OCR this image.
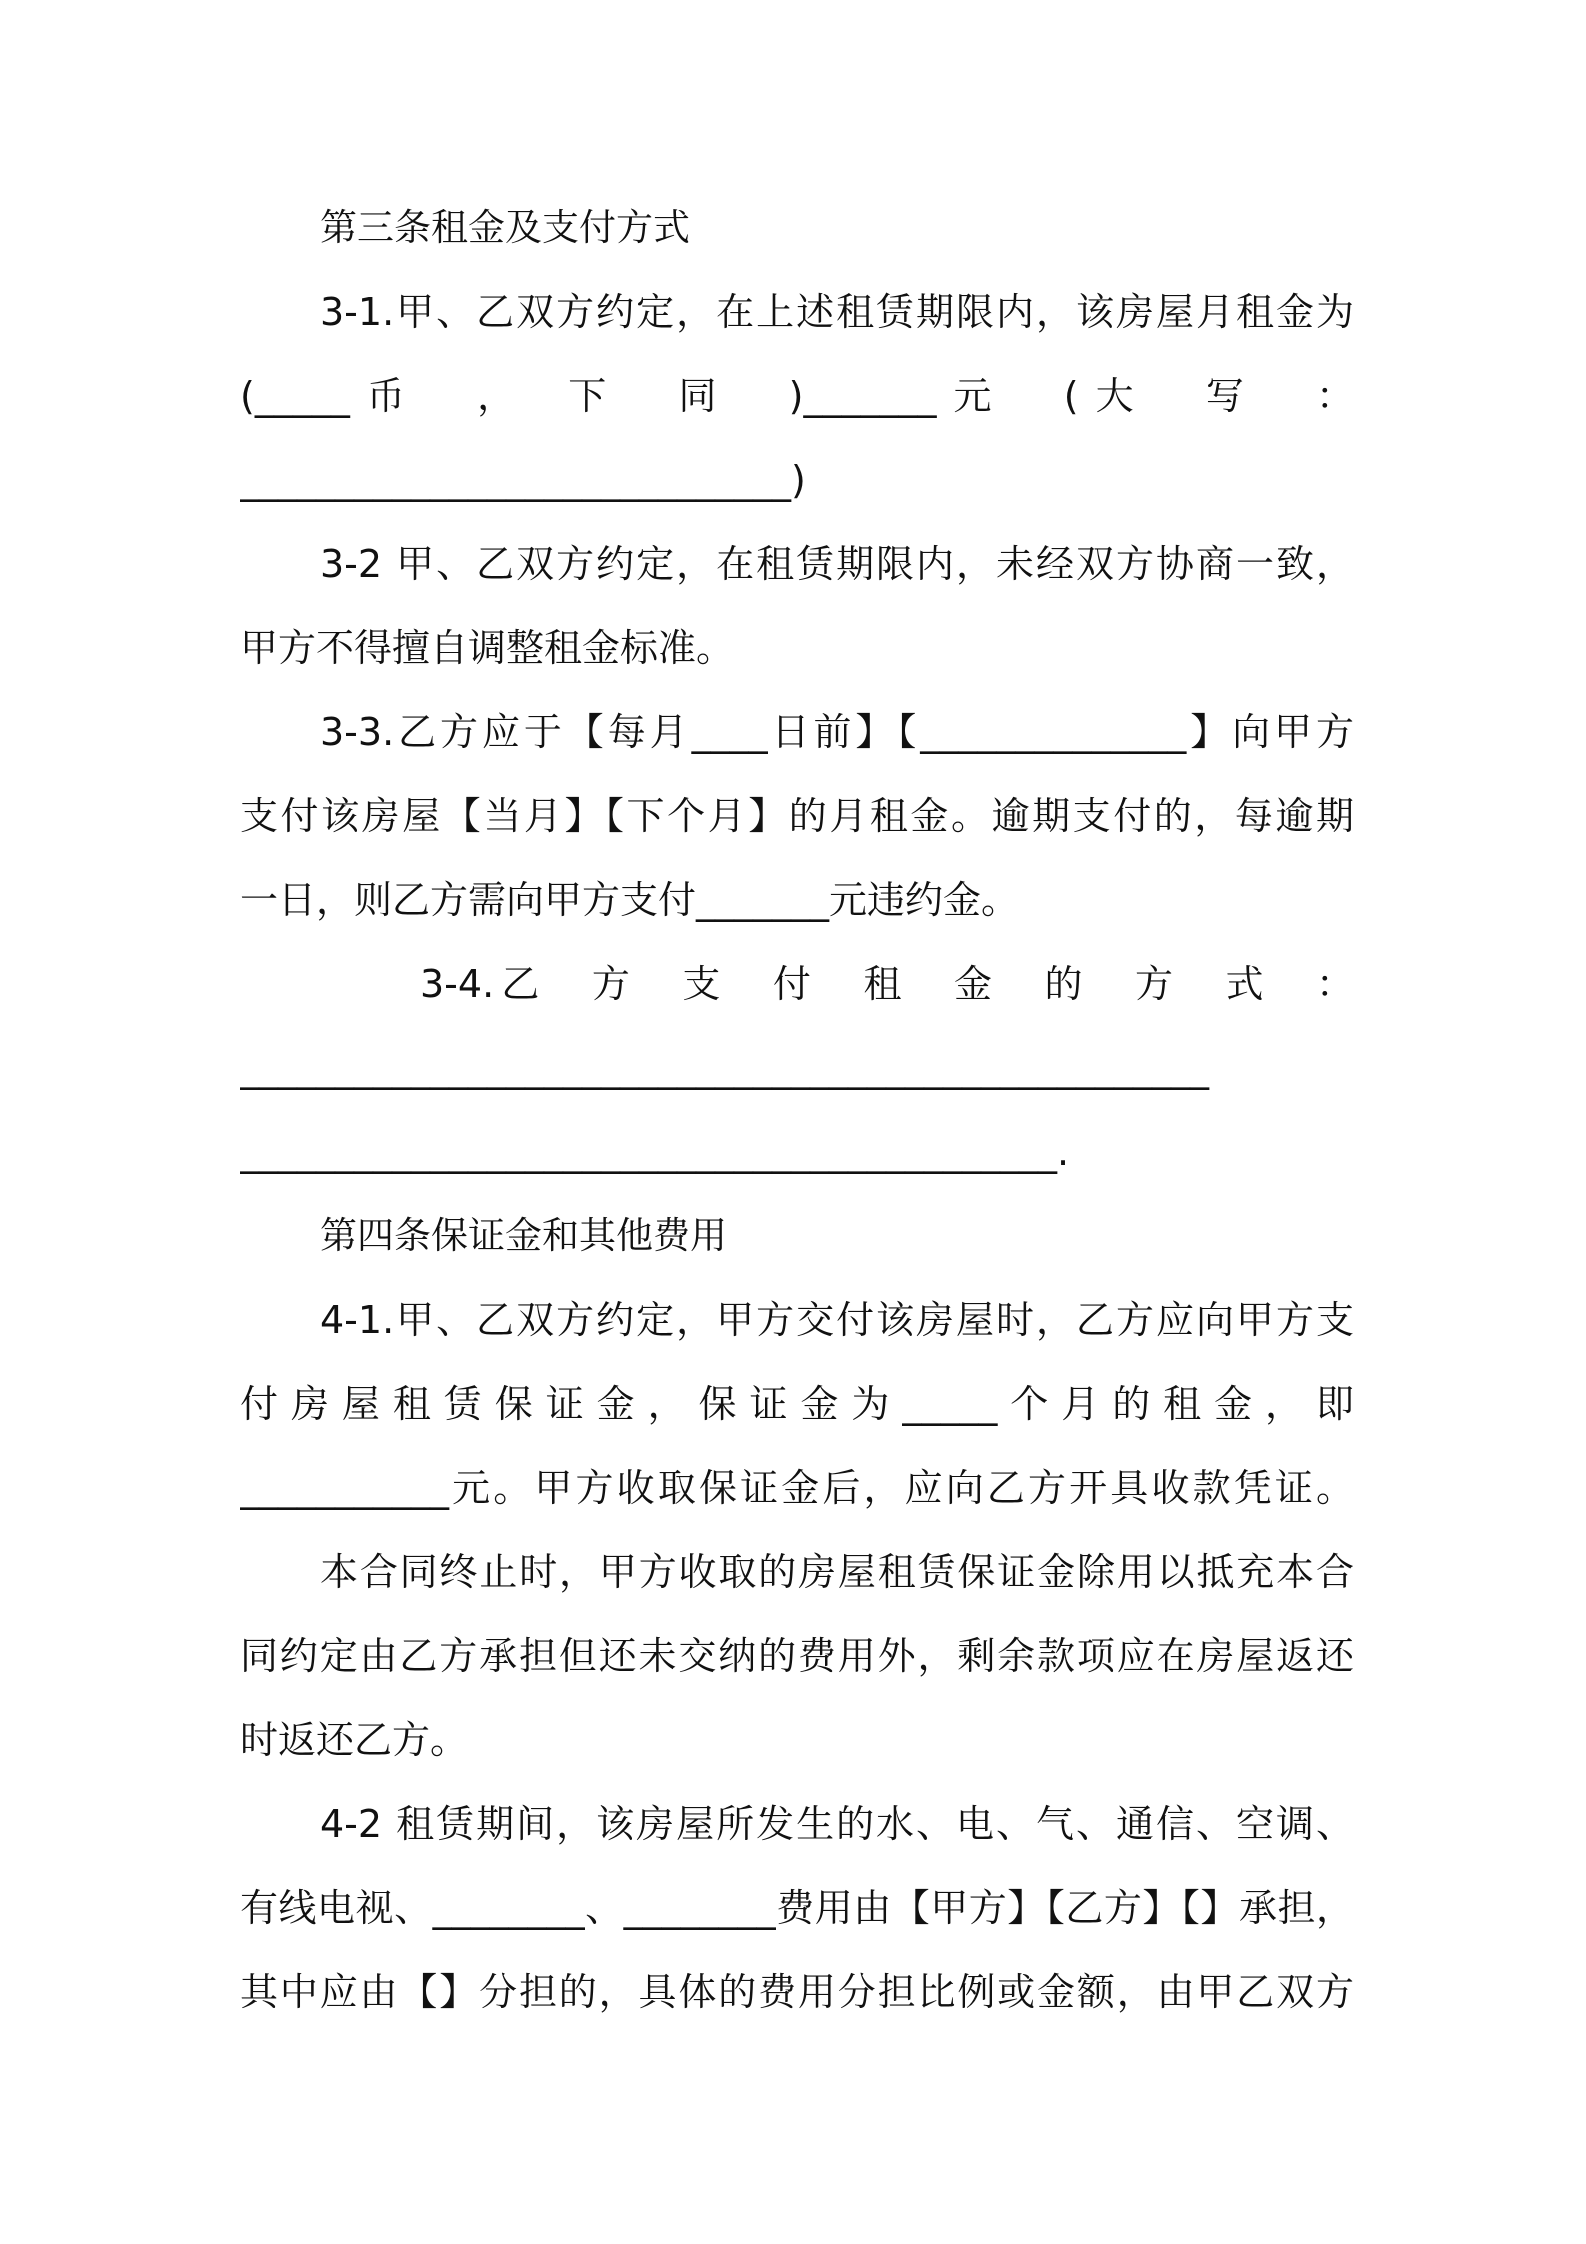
第三条租金及支付方式
3-1.甲、乙双方约定，在上述租赁期限内，该房屋月租金为
(_____币　，　下　同　)_______元　(大　写　：
_____________________________)
3-2 甲、乙双方约定，在租赁期限内，未经双方协商一致，
甲方不得擅自调整租金标准。
3-3.乙方应于【每月____日前】【______________】向甲方
支付该房屋【当月】【下个月】的月租金。逾期支付的，每逾期
一日，则乙方需向甲方支付_______元违约金。
3-4.乙　方　支　付　租　金　的　方　式　：
___________________________________________________
___________________________________________.
第四条保证金和其他费用
4-1.甲、乙双方约定，甲方交付该房屋时，乙方应向甲方支
付房屋租赁保证金，保证金为_____个月的租金，即
___________元。甲方收取保证金后，应向乙方开具收款凭证。
本合同终止时，甲方收取的房屋租赁保证金除用以抵充本合
同约定由乙方承担但还未交纳的费用外，剩余款项应在房屋返还
时返还乙方。
4-2 租赁期间，该房屋所发生的水、电、气、通信、空调、
有线电视、________、________费用由【甲方】【乙方】【】承担，
其中应由【】分担的，具体的费用分担比例或金额，由甲乙双方
